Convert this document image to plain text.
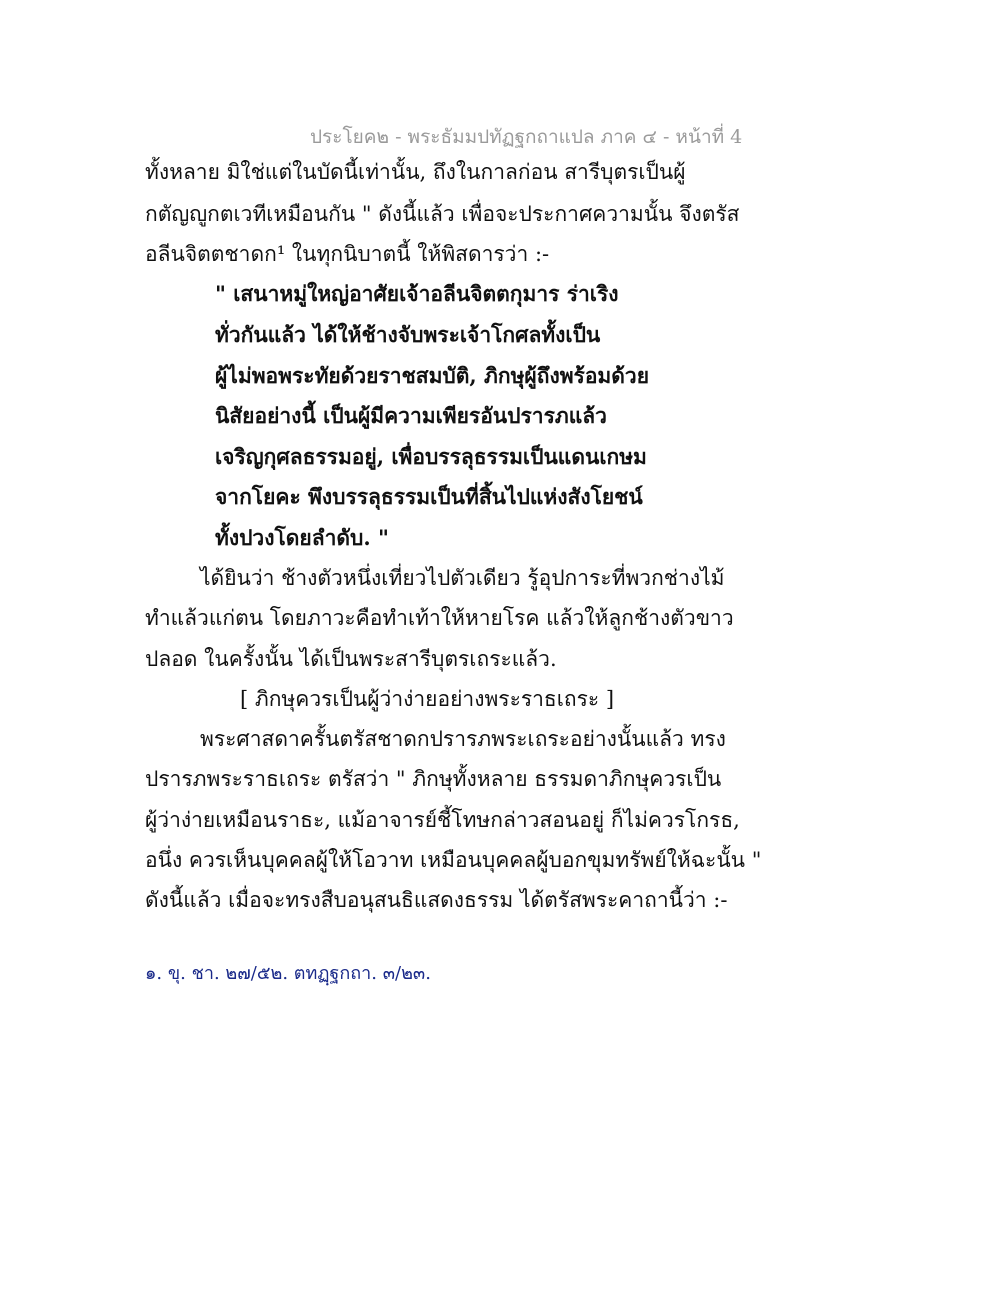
ประโยค๒ - พระธัมมปทัฏฐกถาแปล ภาค ๔ - หน้าที่ 4
ทั้งหลาย มิใช่แต่ในบัดนี้เท่านั้น, ถึงในกาลก่อน สารีบุตรเป็นผู้
กตัญญูกตเวทีเหมือนกัน " ดังนี้แล้ว เพื่อจะประกาศความนั้น จึงตรัส
อลีนจิตตชาดก¹ ในทุกนิบาตนี้ ให้พิสดารว่า :-
" เสนาหมู่ใหญ่อาศัยเจ้าอลีนจิตตกุมาร ร่าเริง
ทั่วกันแล้ว ได้ให้ช้างจับพระเจ้าโกศลทั้งเป็น
ผู้ไม่พอพระทัยด้วยราชสมบัติ, ภิกษุผู้ถึงพร้อมด้วย
นิสัยอย่างนี้ เป็นผู้มีความเพียรอันปรารภแล้ว
เจริญกุศลธรรมอยู่, เพื่อบรรลุธรรมเป็นแดนเกษม
จากโยคะ พึงบรรลุธรรมเป็นที่สิ้นไปแห่งสังโยชน์
ทั้งปวงโดยลำดับ. "
ได้ยินว่า ช้างตัวหนึ่งเที่ยวไปตัวเดียว รู้อุปการะที่พวกช่างไม้
ทำแล้วแก่ตน โดยภาวะคือทำเท้าให้หายโรค แล้วให้ลูกช้างตัวขาว
ปลอด ในครั้งนั้น ได้เป็นพระสารีบุตรเถระแล้ว.
[ ภิกษุควรเป็นผู้ว่าง่ายอย่างพระราธเถระ ]
พระศาสดาครั้นตรัสชาดกปรารภพระเถระอย่างนั้นแล้ว ทรง
ปรารภพระราธเถระ ตรัสว่า " ภิกษุทั้งหลาย ธรรมดาภิกษุควรเป็น
ผู้ว่าง่ายเหมือนราธะ, แม้อาจารย์ชี้โทษกล่าวสอนอยู่ ก็ไม่ควรโกรธ,
อนึ่ง ควรเห็นบุคคลผู้ให้โอวาท เหมือนบุคคลผู้บอกขุมทรัพย์ให้ฉะนั้น "
ดังนี้แล้ว เมื่อจะทรงสืบอนุสนธิแสดงธรรม ได้ตรัสพระคาถานี้ว่า :-
๑. ขุ. ชา. ๒๗/๕๒. ตทฏฺฐกถา. ๓/๒๓.
